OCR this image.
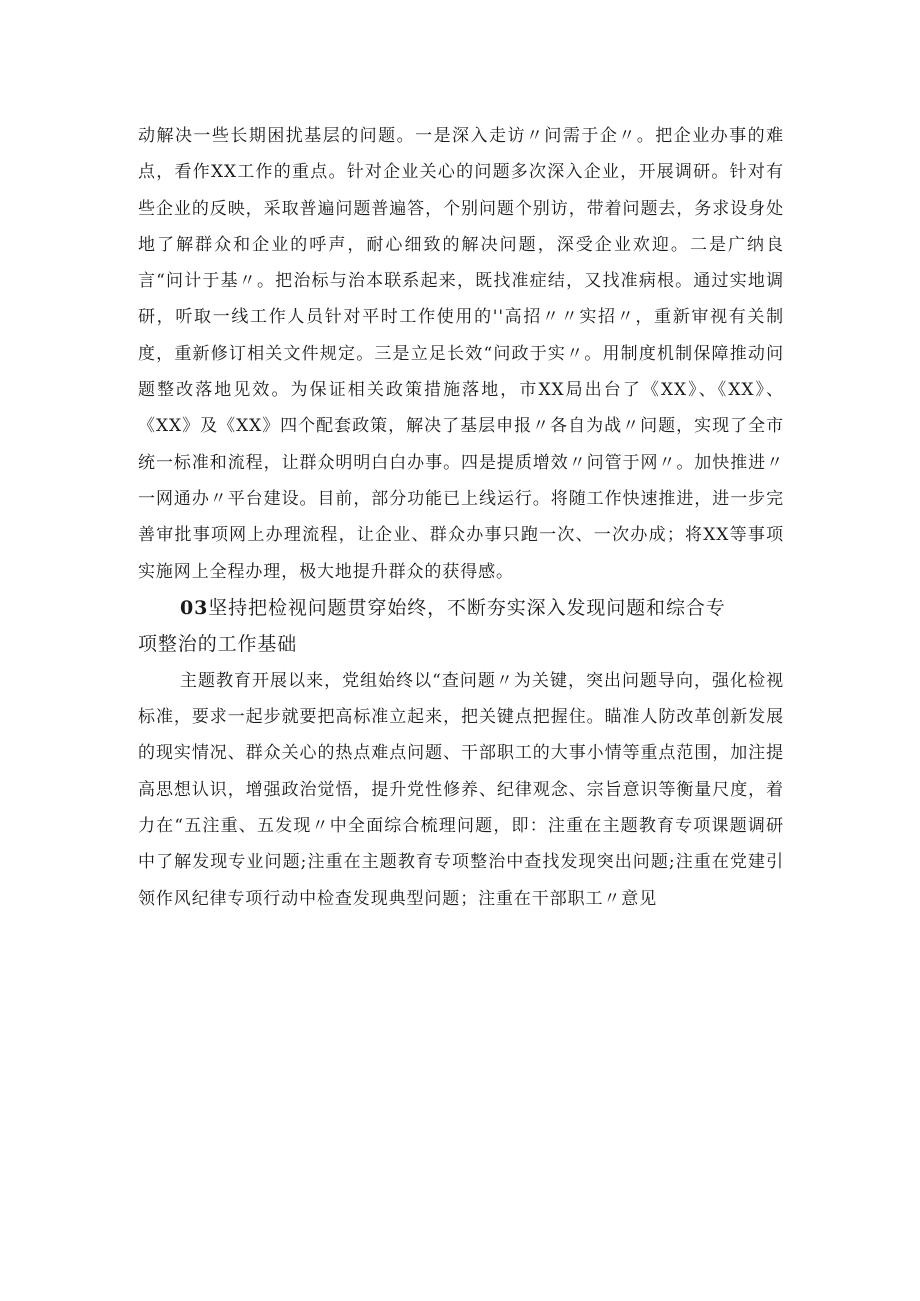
动解决一些长期困扰基层的问题。一是深入走访〃问需于企〃。把企业办事的难点，看作XX工作的重点。针对企业关心的问题多次深入企业，开展调研。针对有些企业的反映，采取普遍问题普遍答，个别问题个别访，带着问题去，务求设身处地了解群众和企业的呼声，耐心细致的解决问题，深受企业欢迎。二是广纳良言“问计于基〃。把治标与治本联系起来，既找准症结，又找准病根。通过实地调研，听取一线工作人员针对平时工作使用的''高招〃〃实招〃，重新审视有关制度，重新修订相关文件规定。三是立足长效“问政于实〃。用制度机制保障推动问题整改落地见效。为保证相关政策措施落地，市XX局出台了《XX》、《XX》、《XX》及《XX》四个配套政策，解决了基层申报〃各自为战〃问题，实现了全市统一标准和流程，让群众明明白白办事。四是提质增效〃问管于网〃。加快推进〃一网通办〃平台建设。目前，部分功能已上线运行。将随工作快速推进，进一步完善审批事项网上办理流程，让企业、群众办事只跑一次、一次办成；将XX等事项实施网上全程办理，极大地提升群众的获得感。

03坚持把检视问题贯穿始终，不断夯实深入发现问题和综合专

项整治的工作基础

主题教育开展以来，党组始终以“查问题〃为关键，突出问题导向，强化检视标准，要求一起步就要把高标准立起来，把关键点把握住。瞄准人防改革创新发展的现实情况、群众关心的热点难点问题、干部职工的大事小情等重点范围，加注提高思想认识，增强政治觉悟，提升党性修养、纪律观念、宗旨意识等衡量尺度，着力在“五注重、五发现〃中全面综合梳理问题，即：注重在主题教育专项课题调研中了解发现专业问题;注重在主题教育专项整治中查找发现突出问题;注重在党建引领作风纪律专项行动中检查发现典型问题；注重在干部职工〃意见
